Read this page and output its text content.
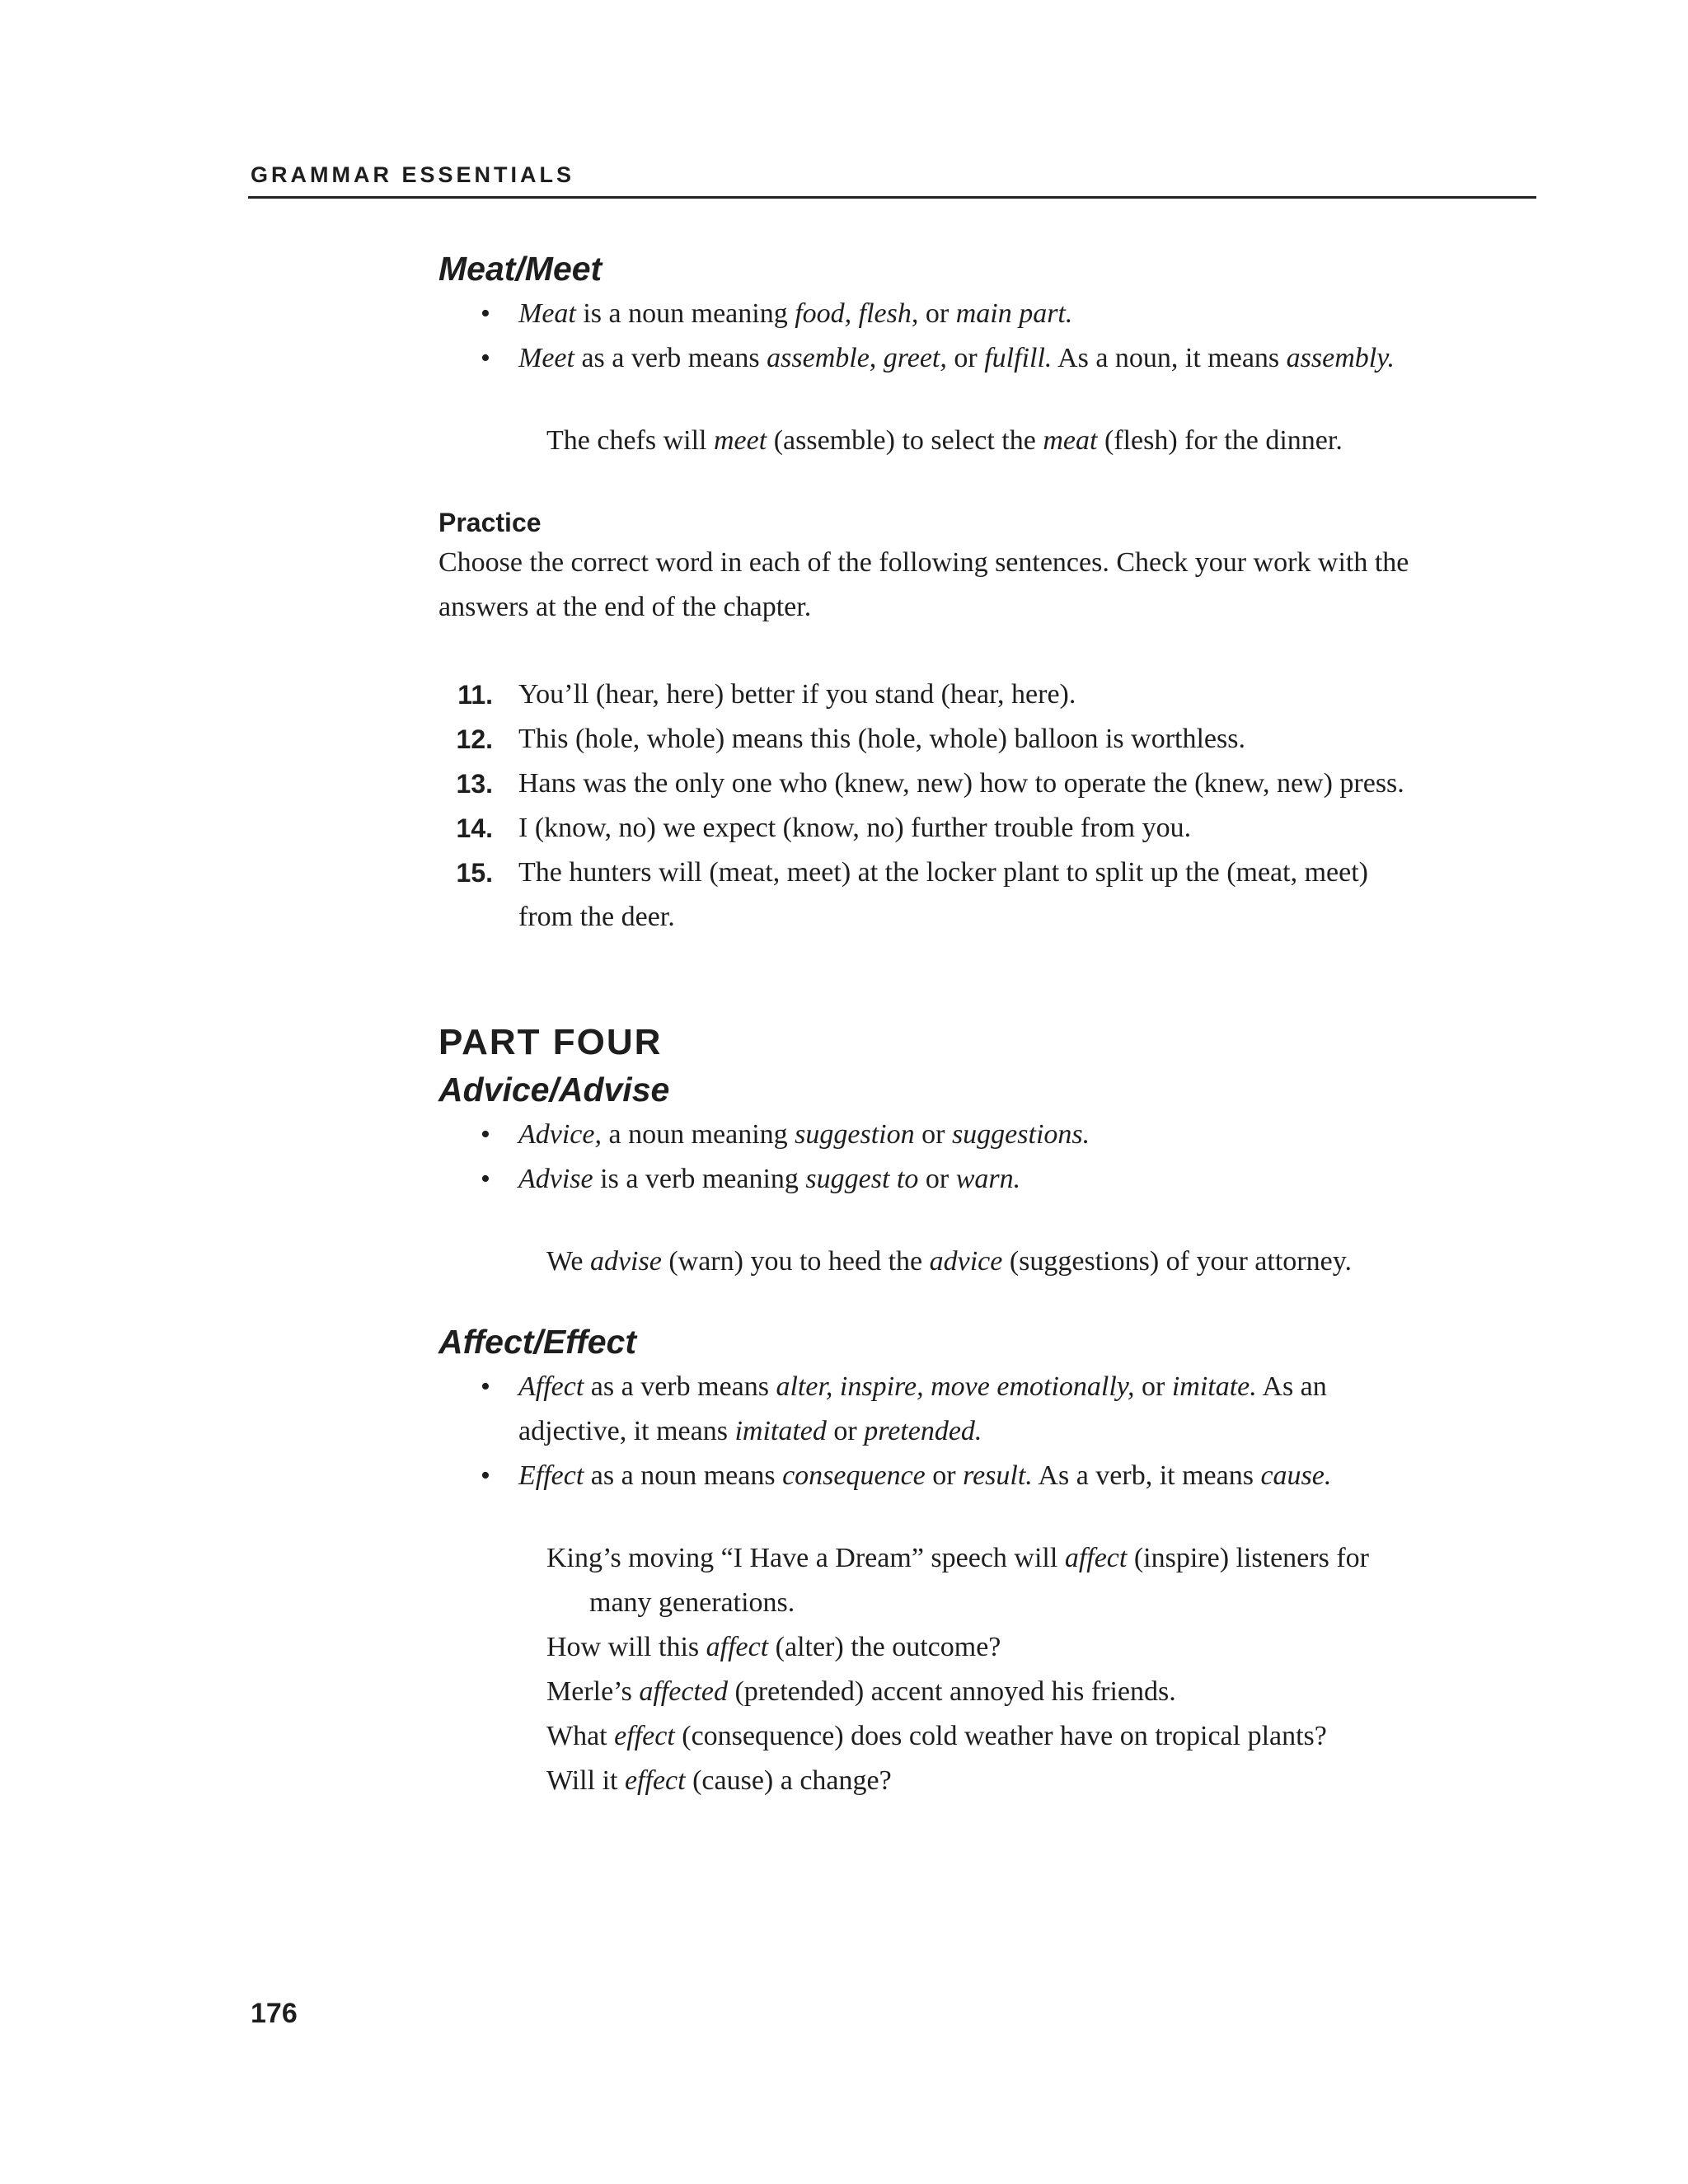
GRAMMAR ESSENTIALS
Meat/Meet
• Meat is a noun meaning food, flesh, or main part.
• Meet as a verb means assemble, greet, or fulfill. As a noun, it means assembly.
The chefs will meet (assemble) to select the meat (flesh) for the dinner.
Practice

Choose the correct word in each of the following sentences. Check your work with the answers at the end of the chapter.

11. You’ll (hear, here) better if you stand (hear, here).
12. This (hole, whole) means this (hole, whole) balloon is worthless.
13. Hans was the only one who (knew, new) how to operate the (knew, new) press.
14. I (know, no) we expect (know, no) further trouble from you.
15. The hunters will (meat, meet) at the locker plant to split up the (meat, meet) from the deer.
PART FOUR
Advice/Advise
• Advice, a noun meaning suggestion or suggestions.
• Advise is a verb meaning suggest to or warn.
We advise (warn) you to heed the advice (suggestions) of your attorney.
Affect/Effect
• Affect as a verb means alter, inspire, move emotionally, or imitate. As an adjective, it means imitated or pretended.
• Effect as a noun means consequence or result. As a verb, it means cause.
King’s moving “I Have a Dream” speech will affect (inspire) listeners for
many generations.
How will this affect (alter) the outcome?
Merle’s affected (pretended) accent annoyed his friends.
What effect (consequence) does cold weather have on tropical plants?
Will it effect (cause) a change?
176
